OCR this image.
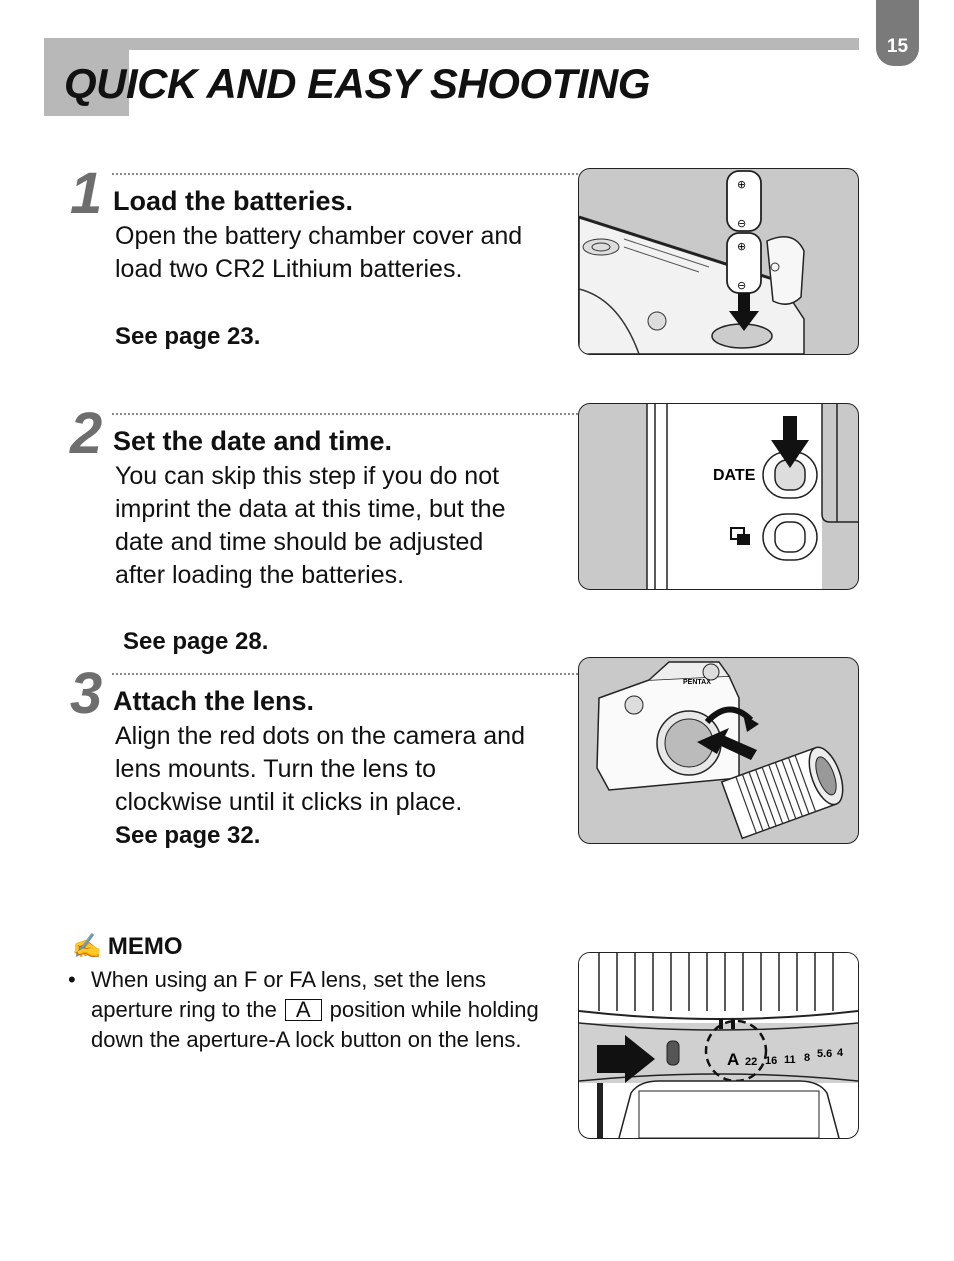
15
QUICK AND EASY SHOOTING
1 Load the batteries.

Open the battery chamber cover and load two CR2 Lithium batteries.

See page 23.
⊕
⊖
⊕
⊖
2 Set the date and time.

You can skip this step if you do not imprint the data at this time, but the date and time should be adjusted after loading the batteries.

See page 28.
DATE
3 Attach the lens.

Align the red dots on the camera and lens mounts. Turn the lens to clockwise until it clicks in place.

See page 32.
PENTAX
✍ MEMO
• When using an F or FA lens, set the lens aperture ring to the A position while holding down the aperture-A lock button on the lens.
A 22 16 11 8 5.6 4
